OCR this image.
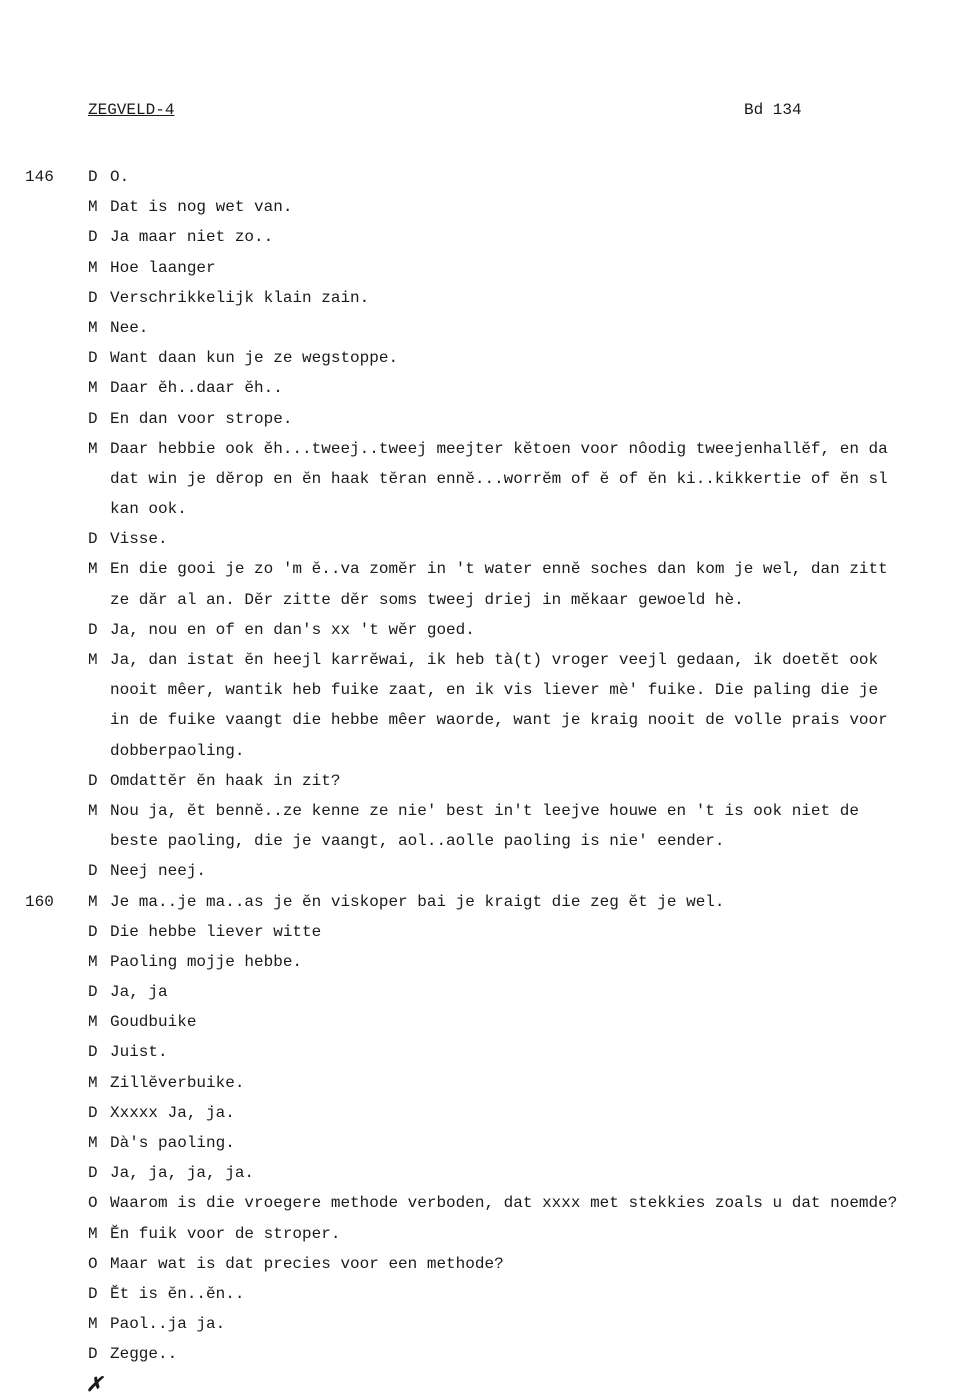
ZEGVELD-4	Bd 134
146 D O.
M Dat is nog wet van.
D Ja maar niet zo..
M Hoe laanger
D Verschrikkelijk klain zain.
M Nee.
D Want daan kun je ze wegstoppe.
M Daar ĕh..daar ĕh..
D En dan voor strope.
M Daar hebbie ook ĕh...tweej..tweej meejter kĕtoen voor nôodig tweejenhallĕf, en da
dat win je dĕrop en ĕn haak tĕran ennĕ...worrĕm of ĕ of ĕn ki..kikkertie of ĕn sl
kan ook.
D Visse.
M En die gooi je zo 'm ĕ..va zomĕr in 't water ennĕ soches dan kom je wel, dan zitt
ze dăr al an. Dĕr zitte dĕr soms tweej driej in mĕkaar gewoeld hè.
D Ja, nou en of en dan's xx 't wĕr goed.
M Ja, dan istat ĕn heejl karrĕwai, ik heb tà(t) vroger veejl gedaan, ik doetĕt ook
nooit mêer, wantik heb fuike zaat, en ik vis liever mè' fuike. Die paling die je
in de fuike vaangt die hebbe mêer waorde, want je kraig nooit de volle prais voor
dobberpaoling.
D Omdattĕr ĕn haak in zit?
M Nou ja, ĕt bennĕ..ze kenne ze nie' best in't leejve houwe en 't is ook niet de
beste paoling, die je vaangt, aol..aolle paoling is nie' eender.
D Neej neej.
160 M Je ma..je ma..as je ĕn viskoper bai je kraigt die zeg ĕt je wel.
D Die hebbe liever witte
M Paoling mojje hebbe.
D Ja, ja
M Goudbuike
D Juist.
M Zillĕverbuike.
D Xxxxx Ja, ja.
M Dà's paoling.
D Ja, ja, ja, ja.
O Waarom is die vroegere methode verboden, dat xxxx met stekkies zoals u dat noemde?
M Ĕn fuik voor de stroper.
O Maar wat is dat precies voor een methode?
D Ĕt is ĕn..ĕn..
M Paol..ja ja.
D Zegge..
✗
